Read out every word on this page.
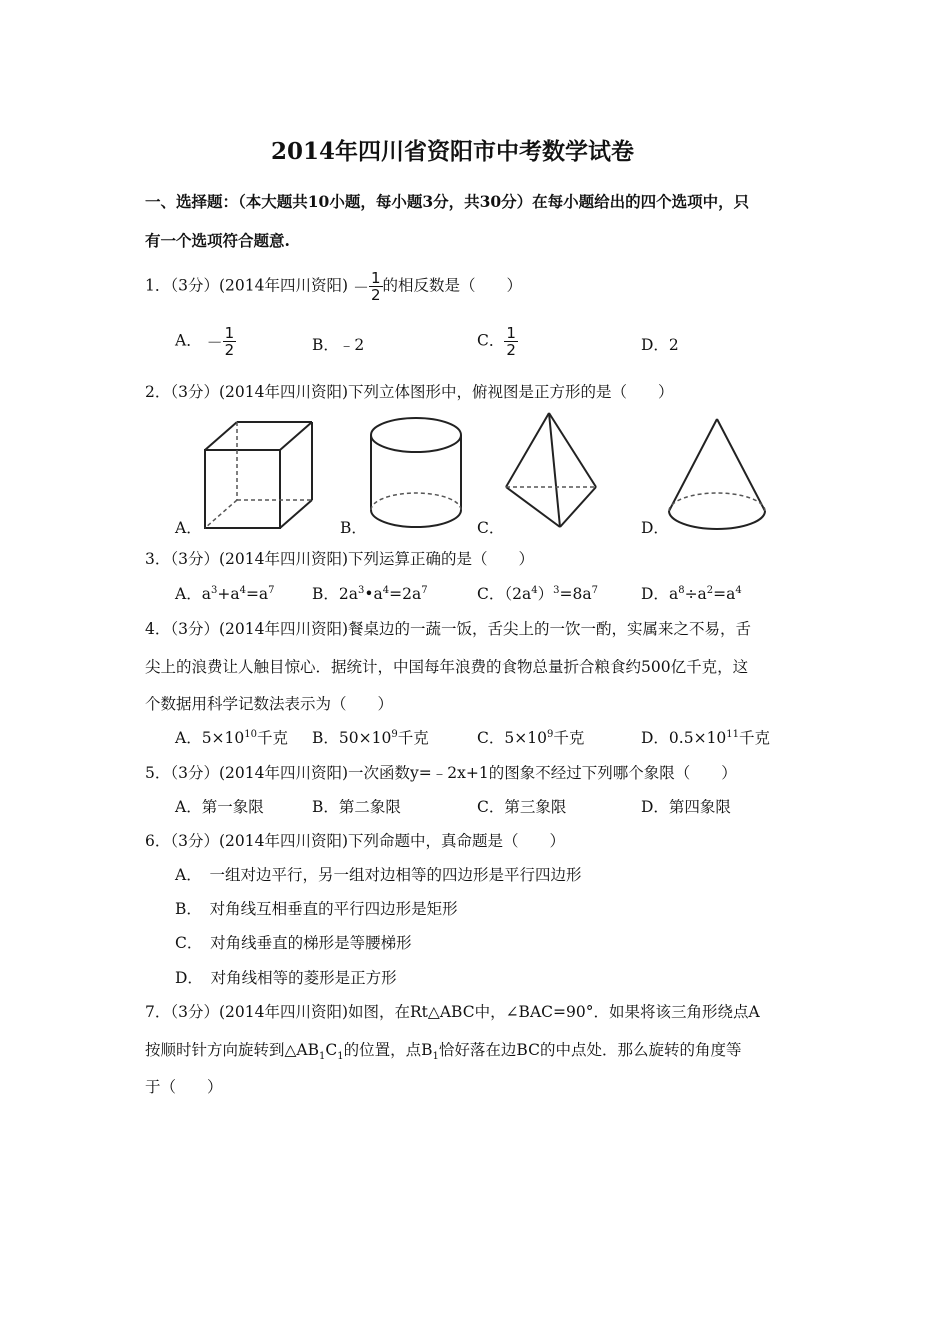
2014年四川省资阳市中考数学试卷
一、选择题：（本大题共10小题，每小题3分，共30分）在每小题给出的四个选项中，只
有一个选项符合题意.
1．（3分）(2014年四川资阳) － $\frac{1}{2}$ 的相反数是（　　）
A． － $\frac{1}{2}$	B．﹣2	C． $\frac{1}{2}$	D．2
2．（3分）(2014年四川资阳)下列立体图形中，俯视图是正方形的是（　　）
A．	B．	C．	D．
3．（3分）(2014年四川资阳)下列运算正确的是（　　）
A．$a^3+a^4=a^7$ B．$2a^3•a^4=2a^7$	C．$(2a^4)^3=8a^7$	D．$a^8\div a^2=a^4$
4．（3分）(2014年四川资阳)餐桌边的一蔬一饭，舌尖上的一饮一酌，实属来之不易，舌
尖上的浪费让人触目惊心．据统计，中国每年浪费的食物总量折合粮食约500亿千克，这
个数据用科学记数法表示为（　　）
A．$5\times 10^{10}$千克 B．$50\times 10^9$千克	C．$5\times 10^9$千克	D．$0.5\times 10^{11}$千克
5．（3分）(2014年四川资阳)一次函数y=﹣2x+1的图象不经过下列哪个象限（　　）
A．第一象限	B．第二象限	C．第三象限	D．第四象限
6．（3分）(2014年四川资阳)下列命题中，真命题是（　　）
A．　一组对边平行，另一组对边相等的四边形是平行四边形
B．　对角线互相垂直的平行四边形是矩形
C．　对角线垂直的梯形是等腰梯形
D．　对角线相等的菱形是正方形
7．（3分）(2014年四川资阳)如图，在Rt△ABC中，∠BAC=90°．如果将该三角形绕点A
按顺时针方向旋转到$\triangle AB_1C_1$的位置，点$B_1$恰好落在边BC的中点处．那么旋转的角度等
于（　　）
